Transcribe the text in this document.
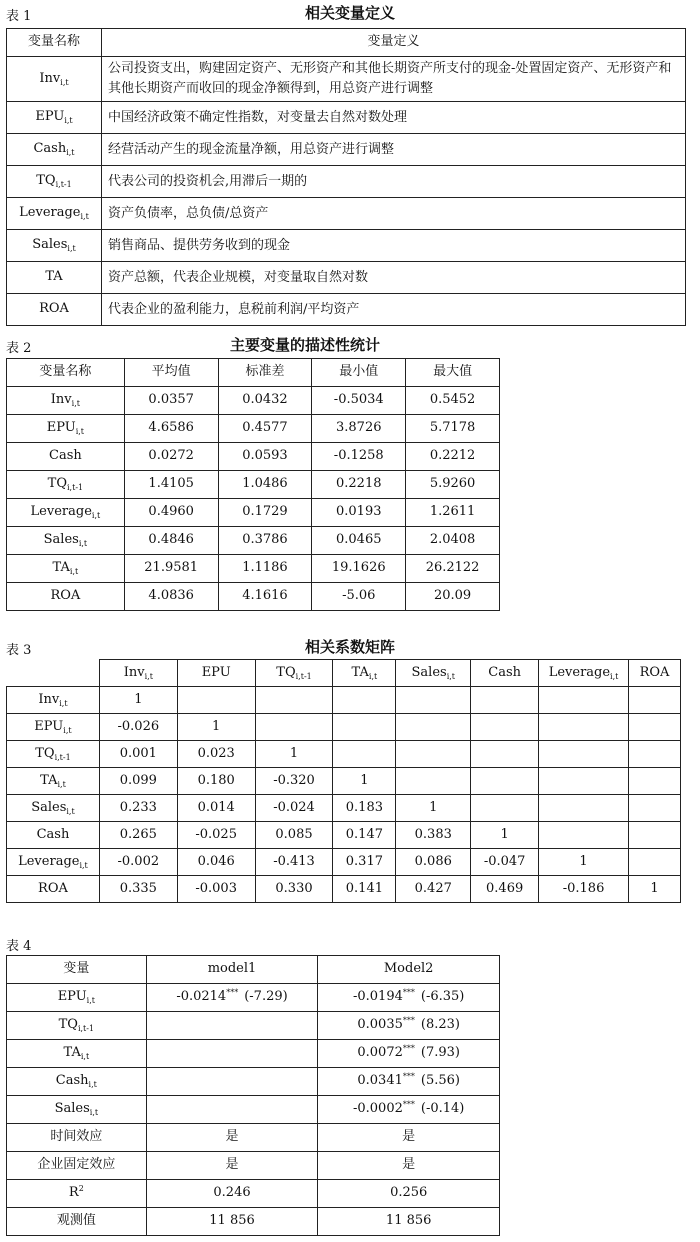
表 1	相关变量定义
变量名称	变量定义
Inv$_{i,t}$	公司投资支出，购建固定资产、无形资产和其他长期资产所支付的现金-处置固定资产、无形资产和其他长期资产而收回的现金净额得到，用总资产进行调整
$EPU_{i,t}$	中国经济政策不确定性指数，对变量去自然对数处理
Cash$_{i,t}$	经营活动产生的现金流量净额，用总资产进行调整
$TQ_{i,t-1}$	代表公司的投资机会,用滞后一期的
Leverage$_{i,t}$	资产负债率，总负债/总资产
Sales$_{i,t}$	销售商品、提供劳务收到的现金
TA	资产总额，代表企业规模，对变量取自然对数
ROA	代表企业的盈利能力，息税前利润/平均资产
表 2	主要变量的描述性统计
变量名称	平均值	标准差	最小值	最大值
Inv$_{i,t}$	0.0357	0.0432	-0.5034	0.5452
$EPU_{i,t}$	4.6586	0.4577	3.8726	5.7178
Cash	0.0272	0.0593	-0.1258	0.2212
$TQ_{i,t-1}$	1.4105	1.0486	0.2218	5.9260
Leverage$_{i,t}$	0.4960	0.1729	0.0193	1.2611
Sales$_{i,t}$	0.4846	0.3786	0.0465	2.0408
$TA_{i,t}$	21.9581	1.1186	19.1626	26.2122
ROA	4.0836	4.1616	-5.06	20.09
表 3	相关系数矩阵
	Inv$_{i,t}$	EPU	$TQ_{i,t-1}$	$TA_{i,t}$	Sales$_{i,t}$	Cash	Leverage$_{i,t}$	ROA
Inv$_{i,t}$	1							
$EPU_{i,t}$	-0.026	1						
$TQ_{i,t-1}$	0.001	0.023	1					
$TA_{i,t}$	0.099	0.180	-0.320	1				
Sales$_{i,t}$	0.233	0.014	-0.024	0.183	1			
Cash	0.265	-0.025	0.085	0.147	0.383	1		
Leverage$_{i,t}$	-0.002	0.046	-0.413	0.317	0.086	-0.047	1	
ROA	0.335	-0.003	0.330	0.141	0.427	0.469	-0.186	1
表 4
变量	model1	Model2
$EPU_{i,t}$	-0.0214*** (-7.29)	-0.0194*** (-6.35)
$TQ_{i,t-1}$		0.0035*** (8.23)
$TA_{i,t}$		0.0072*** (7.93)
Cash$_{i,t}$		0.0341*** (5.56)
Sales$_{i,t}$		-0.0002*** (-0.14)
时间效应	是	是
企业固定效应	是	是
$R^2$	0.246	0.256
观测值	11 856	11 856
